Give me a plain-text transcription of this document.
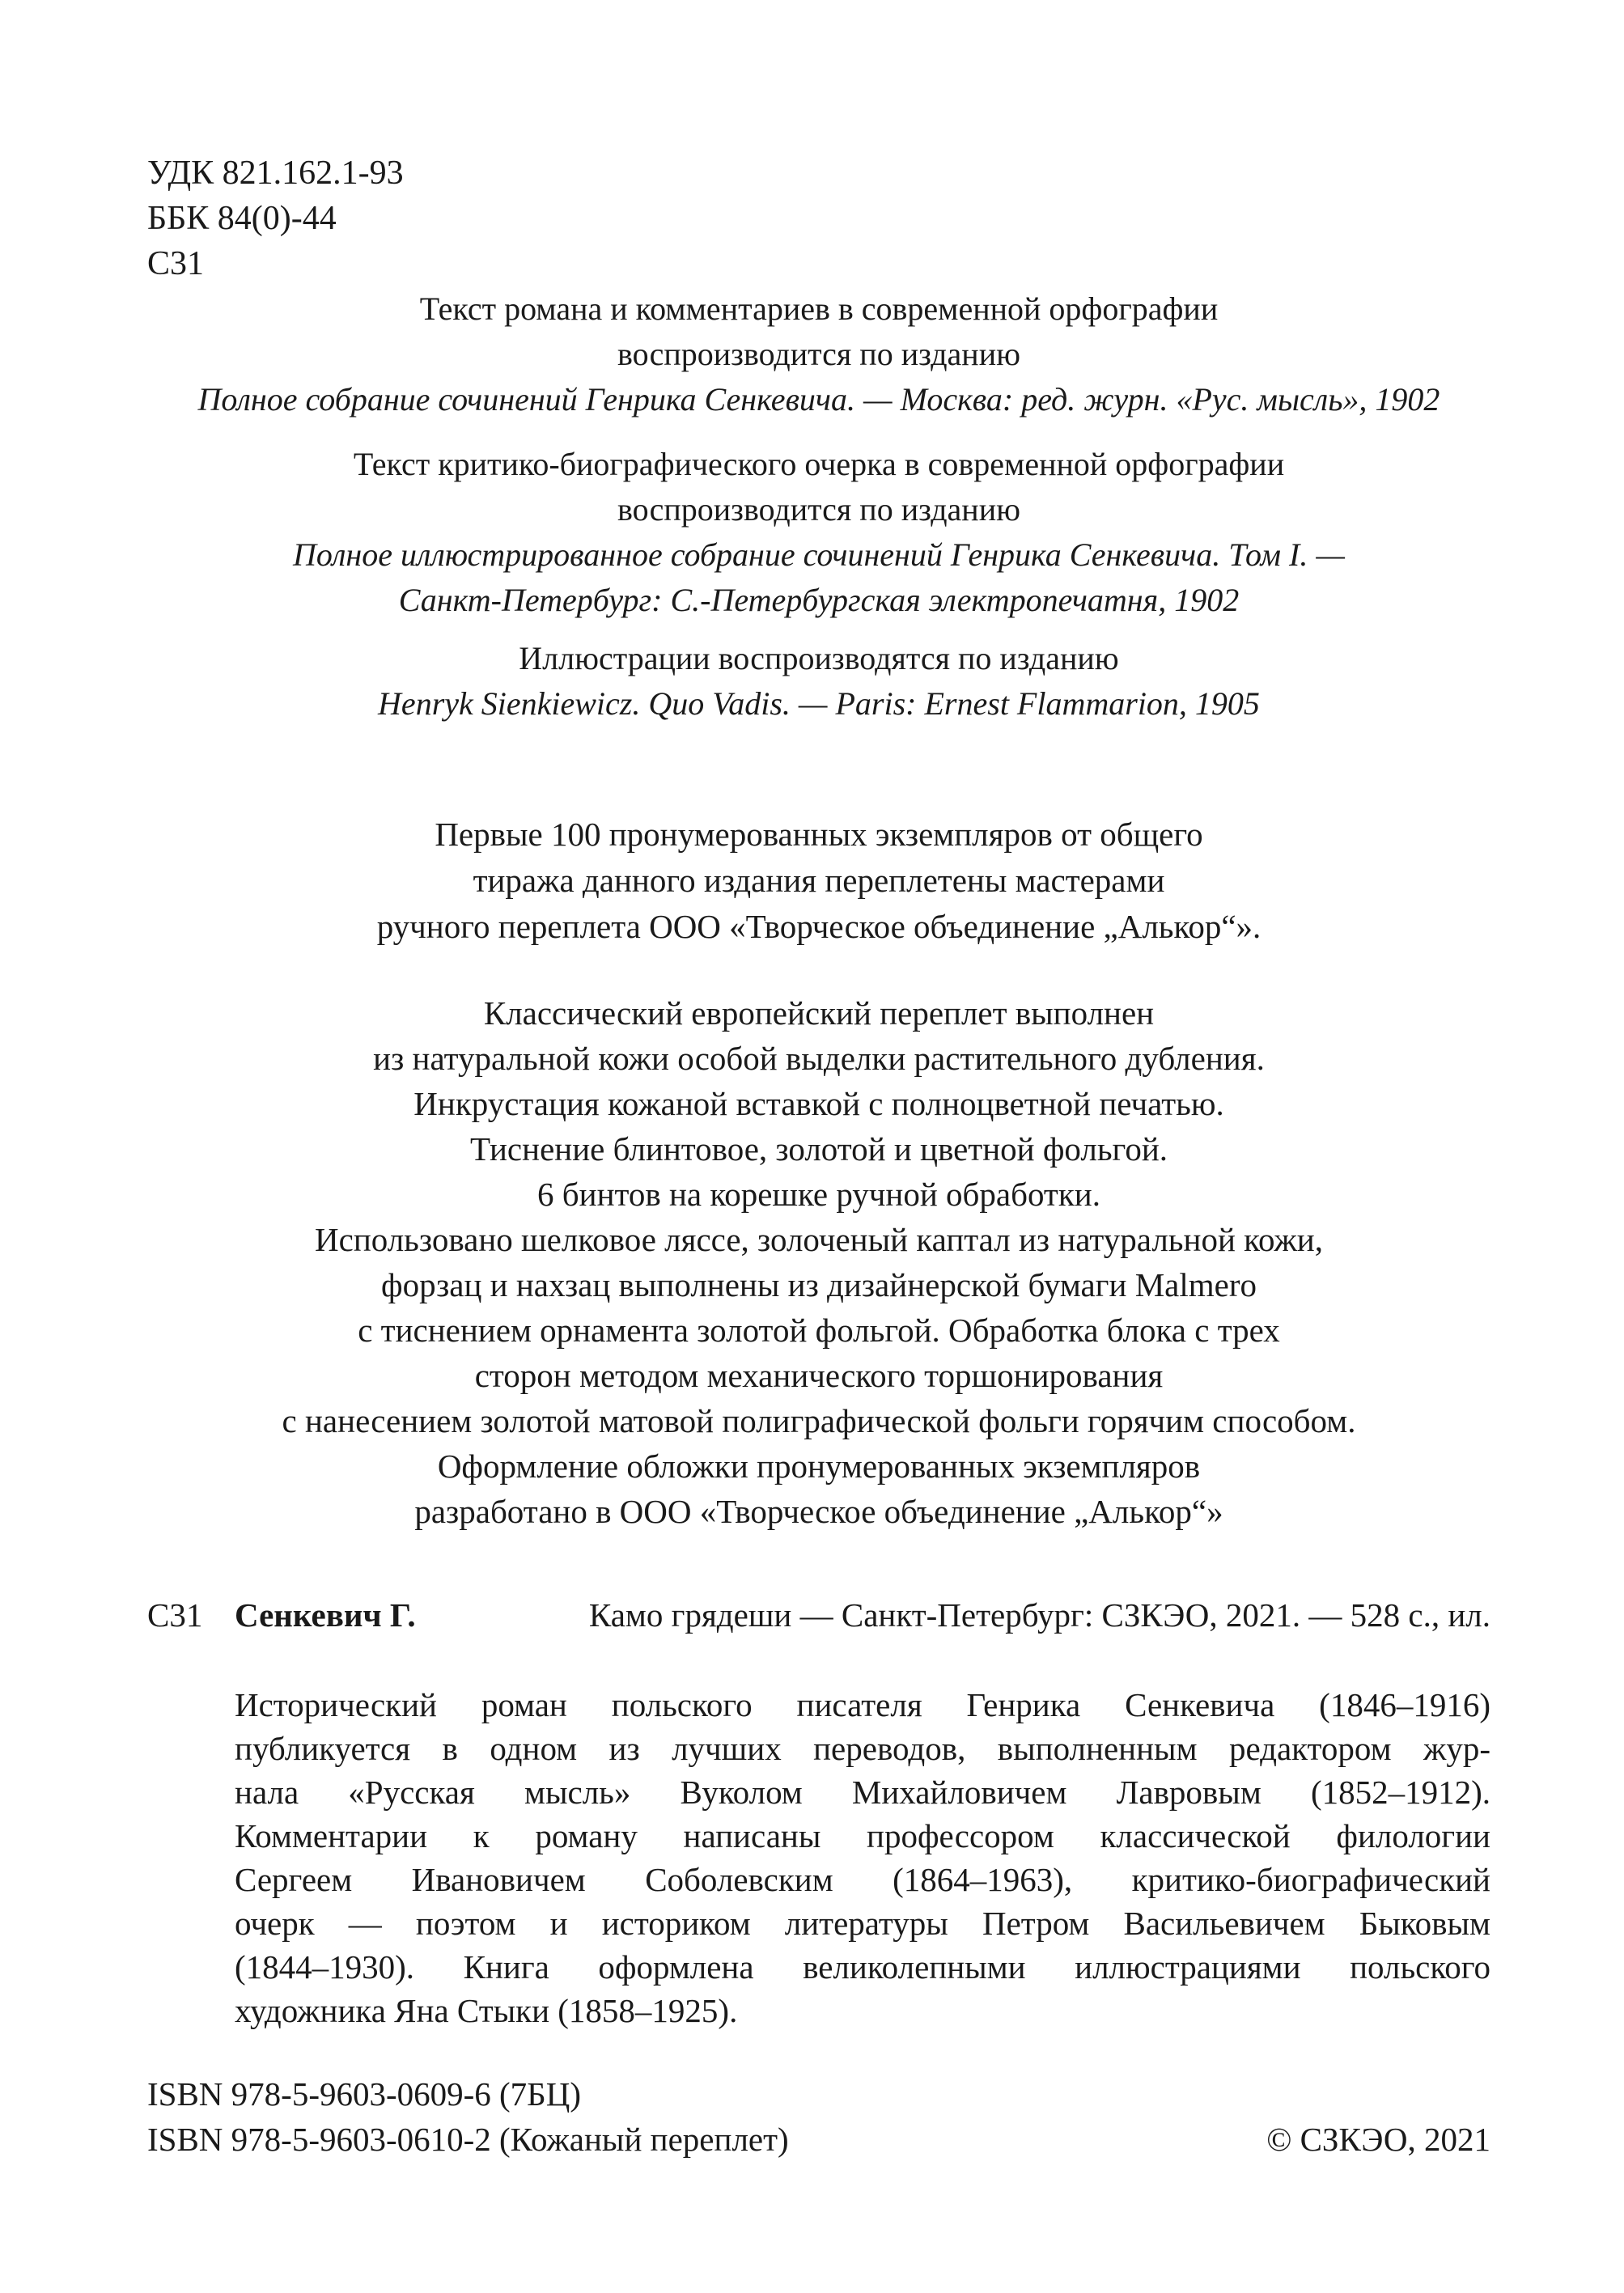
УДК 821.162.1-93
ББК 84(0)-44
С31
Текст романа и комментариев в современной орфографии
воспроизводится по изданию
Полное собрание сочинений Генрика Сенкевича. — Москва: ред. журн. «Рус. мысль», 1902
Текст критико-биографического очерка в современной орфографии
воспроизводится по изданию
Полное иллюстрированное собрание сочинений Генрика Сенкевича. Том I. —
Санкт-Петербург: С.-Петербургская электропечатня, 1902
Иллюстрации воспроизводятся по изданию
Henryk Sienkiewicz. Quo Vadis. — Paris: Ernest Flammarion, 1905
Первые 100 пронумерованных экземпляров от общего
тиража данного издания переплетены мастерами
ручного переплета ООО «Творческое объединение „Алькор“».
Классический европейский переплет выполнен
из натуральной кожи особой выделки растительного дубления.
Инкрустация кожаной вставкой с полноцветной печатью.
Тиснение блинтовое, золотой и цветной фольгой.
6 бинтов на корешке ручной обработки.
Использовано шелковое ляссе, золоченый каптал из натуральной кожи,
форзац и нахзац выполнены из дизайнерской бумаги Malmero
с тиснением орнамента золотой фольгой. Обработка блока с трех
сторон методом механического торшонирования
с нанесением золотой матовой полиграфической фольги горячим способом.
Оформление обложки пронумерованных экземпляров
разработано в ООО «Творческое объединение „Алькор“»
С31 Сенкевич Г.	Камо грядеши — Санкт-Петербург: СЗКЭО, 2021. — 528 с., ил.
Исторический роман польского писателя Генрика Сенкевича (1846–1916)
публикуется в одном из лучших переводов, выполненным редактором жур-
нала «Русская мысль» Вуколом Михайловичем Лавровым (1852–1912).
Комментарии к роману написаны профессором классической филологии
Сергеем Ивановичем Соболевским (1864–1963), критико-биографический
очерк — поэтом и историком литературы Петром Васильевичем Быковым
(1844–1930). Книга оформлена великолепными иллюстрациями польского
художника Яна Стыки (1858–1925).
ISBN 978-5-9603-0609-6 (7БЦ)
ISBN 978-5-9603-0610-2 (Кожаный переплет)	© СЗКЭО, 2021
